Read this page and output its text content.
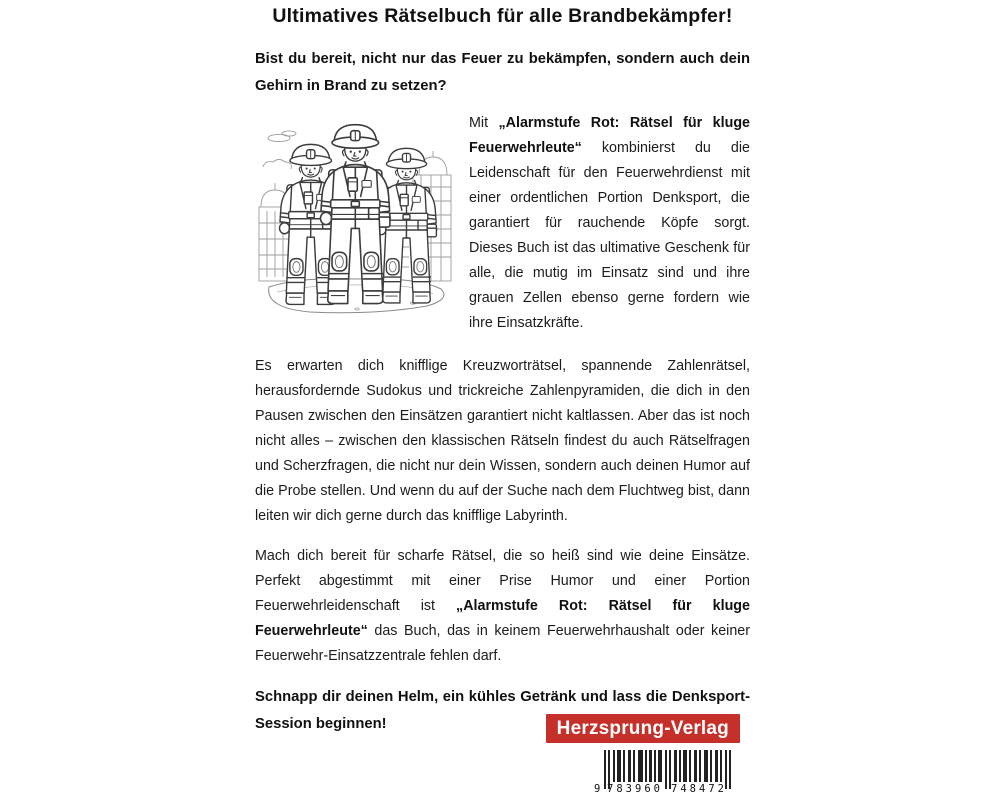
Ultimatives Rätselbuch für alle Brandbekämpfer!

Bist du bereit, nicht nur das Feuer zu bekämpfen, sondern auch dein Gehirn in Brand zu setzen?

Mit „Alarmstufe Rot: Rätsel für kluge Feuerwehrleute“ kombinierst du die Leidenschaft für den Feuerwehrdienst mit einer ordentlichen Portion Denksport, die garantiert für rauchende Köpfe sorgt. Dieses Buch ist das ultimative Geschenk für alle, die mutig im Einsatz sind und ihre grauen Zellen ebenso gerne fordern wie ihre Einsatzkräfte.

Es erwarten dich knifflige Kreuzworträtsel, spannende Zahlenrätsel, herausfordernde Sudokus und trickreiche Zahlenpyramiden, die dich in den Pausen zwischen den Einsätzen garantiert nicht kaltlassen. Aber das ist noch nicht alles – zwischen den klassischen Rätseln findest du auch Rätselfragen und Scherzfragen, die nicht nur dein Wissen, sondern auch deinen Humor auf die Probe stellen. Und wenn du auf der Suche nach dem Fluchtweg bist, dann leiten wir dich gerne durch das knifflige Labyrinth.

Mach dich bereit für scharfe Rätsel, die so heiß sind wie deine Einsätze. Perfekt abgestimmt mit einer Prise Humor und einer Portion Feuerwehrleidenschaft ist „Alarmstufe Rot: Rätsel für kluge Feuerwehrleute“ das Buch, das in keinem Feuerwehrhaushalt oder keiner Feuerwehr-Einsatzzentrale fehlen darf.

Schnapp dir deinen Helm, ein kühles Getränk und lass die Denksport-Session beginnen!	Herzsprung-Verlag
9 783960 748472
